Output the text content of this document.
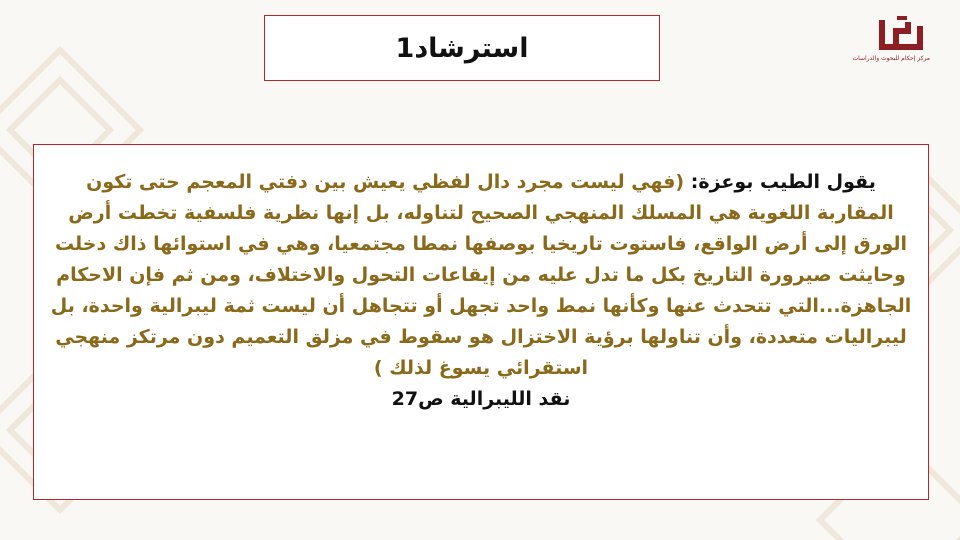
استرشاد1	مركز إحكام للبحوث والدراسات

يقول الطيب بوعزة: (فهي ليست مجرد دال لفظي يعيش بين دفتي المعجم حتى تكون المقاربة اللغوية هي المسلك المنهجي الصحيح لتناوله، بل إنها نظرية فلسفية تخطت أرض الورق إلى أرض الواقع، فاستوت تاريخيا بوصفها نمطا مجتمعيا، وهي في استوائها ذاك دخلت وحايثت صيرورة التاريخ بكل ما تدل عليه من إيقاعات التحول والاختلاف، ومن ثم فإن الاحكام الجاهزة...التي تتحدث عنها وكأنها نمط واحد تجهل أو تتجاهل أن ليست ثمة ليبرالية واحدة، بل ليبراليات متعددة، وأن تناولها برؤية الاختزال هو سقوط في مزلق التعميم دون مرتكز منهجي استقرائي يسوغ لذلك )
نقد الليبرالية ص27
